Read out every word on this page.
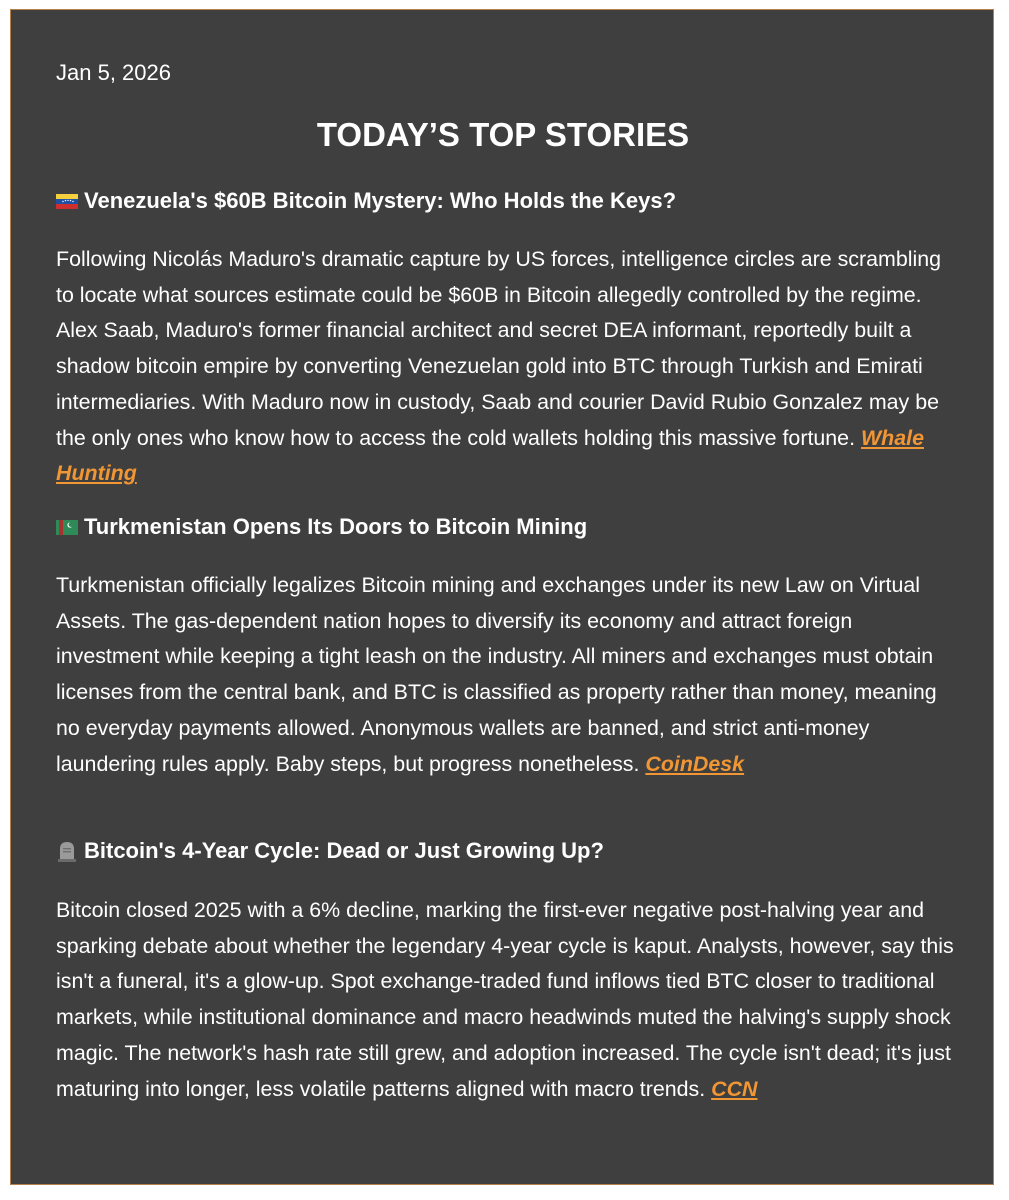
Jan 5, 2026
TODAY’S TOP STORIES
Venezuela's $60B Bitcoin Mystery: Who Holds the Keys?

Following Nicolás Maduro's dramatic capture by US forces, intelligence circles are scrambling to locate what sources estimate could be $60B in Bitcoin allegedly controlled by the regime. Alex Saab, Maduro's former financial architect and secret DEA informant, reportedly built a shadow bitcoin empire by converting Venezuelan gold into BTC through Turkish and Emirati intermediaries. With Maduro now in custody, Saab and courier David Rubio Gonzalez may be the only ones who know how to access the cold wallets holding this massive fortune. Whale Hunting

Turkmenistan Opens Its Doors to Bitcoin Mining

Turkmenistan officially legalizes Bitcoin mining and exchanges under its new Law on Virtual Assets. The gas-dependent nation hopes to diversify its economy and attract foreign investment while keeping a tight leash on the industry. All miners and exchanges must obtain licenses from the central bank, and BTC is classified as property rather than money, meaning no everyday payments allowed. Anonymous wallets are banned, and strict anti-money laundering rules apply. Baby steps, but progress nonetheless. CoinDesk

Bitcoin's 4-Year Cycle: Dead or Just Growing Up?

Bitcoin closed 2025 with a 6% decline, marking the first-ever negative post-halving year and sparking debate about whether the legendary 4-year cycle is kaput. Analysts, however, say this isn't a funeral, it's a glow-up. Spot exchange-traded fund inflows tied BTC closer to traditional markets, while institutional dominance and macro headwinds muted the halving's supply shock magic. The network's hash rate still grew, and adoption increased. The cycle isn't dead; it's just maturing into longer, less volatile patterns aligned with macro trends. CCN
